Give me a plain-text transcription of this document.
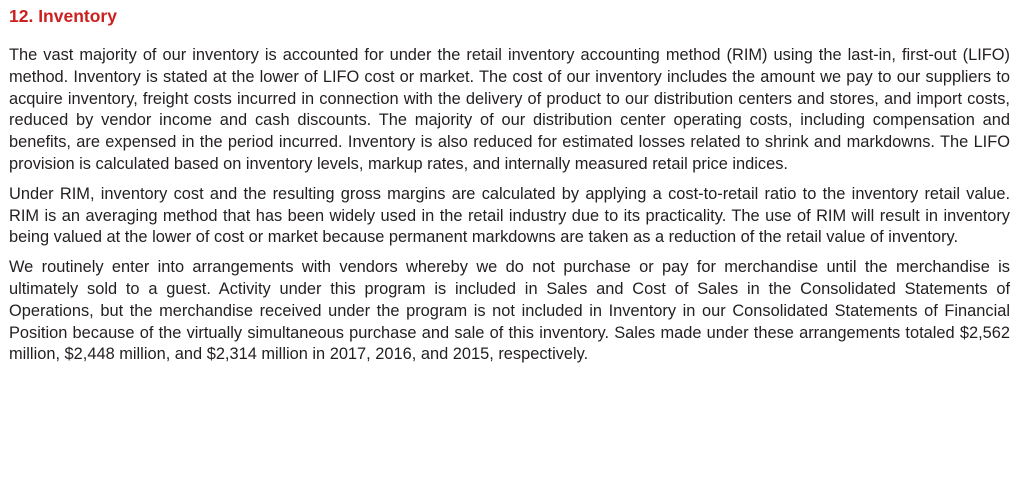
12. Inventory

The vast majority of our inventory is accounted for under the retail inventory accounting method (RIM) using the last-in, first-out (LIFO) method. Inventory is stated at the lower of LIFO cost or market. The cost of our inventory includes the amount we pay to our suppliers to acquire inventory, freight costs incurred in connection with the delivery of product to our distribution centers and stores, and import costs, reduced by vendor income and cash discounts. The majority of our distribution center operating costs, including compensation and benefits, are expensed in the period incurred. Inventory is also reduced for estimated losses related to shrink and markdowns. The LIFO provision is calculated based on inventory levels, markup rates, and internally measured retail price indices.

Under RIM, inventory cost and the resulting gross margins are calculated by applying a cost-to-retail ratio to the inventory retail value. RIM is an averaging method that has been widely used in the retail industry due to its practicality. The use of RIM will result in inventory being valued at the lower of cost or market because permanent markdowns are taken as a reduction of the retail value of inventory.

We routinely enter into arrangements with vendors whereby we do not purchase or pay for merchandise until the merchandise is ultimately sold to a guest. Activity under this program is included in Sales and Cost of Sales in the Consolidated Statements of Operations, but the merchandise received under the program is not included in Inventory in our Consolidated Statements of Financial Position because of the virtually simultaneous purchase and sale of this inventory. Sales made under these arrangements totaled $2,562 million, $2,448 million, and $2,314 million in 2017, 2016, and 2015, respectively.
